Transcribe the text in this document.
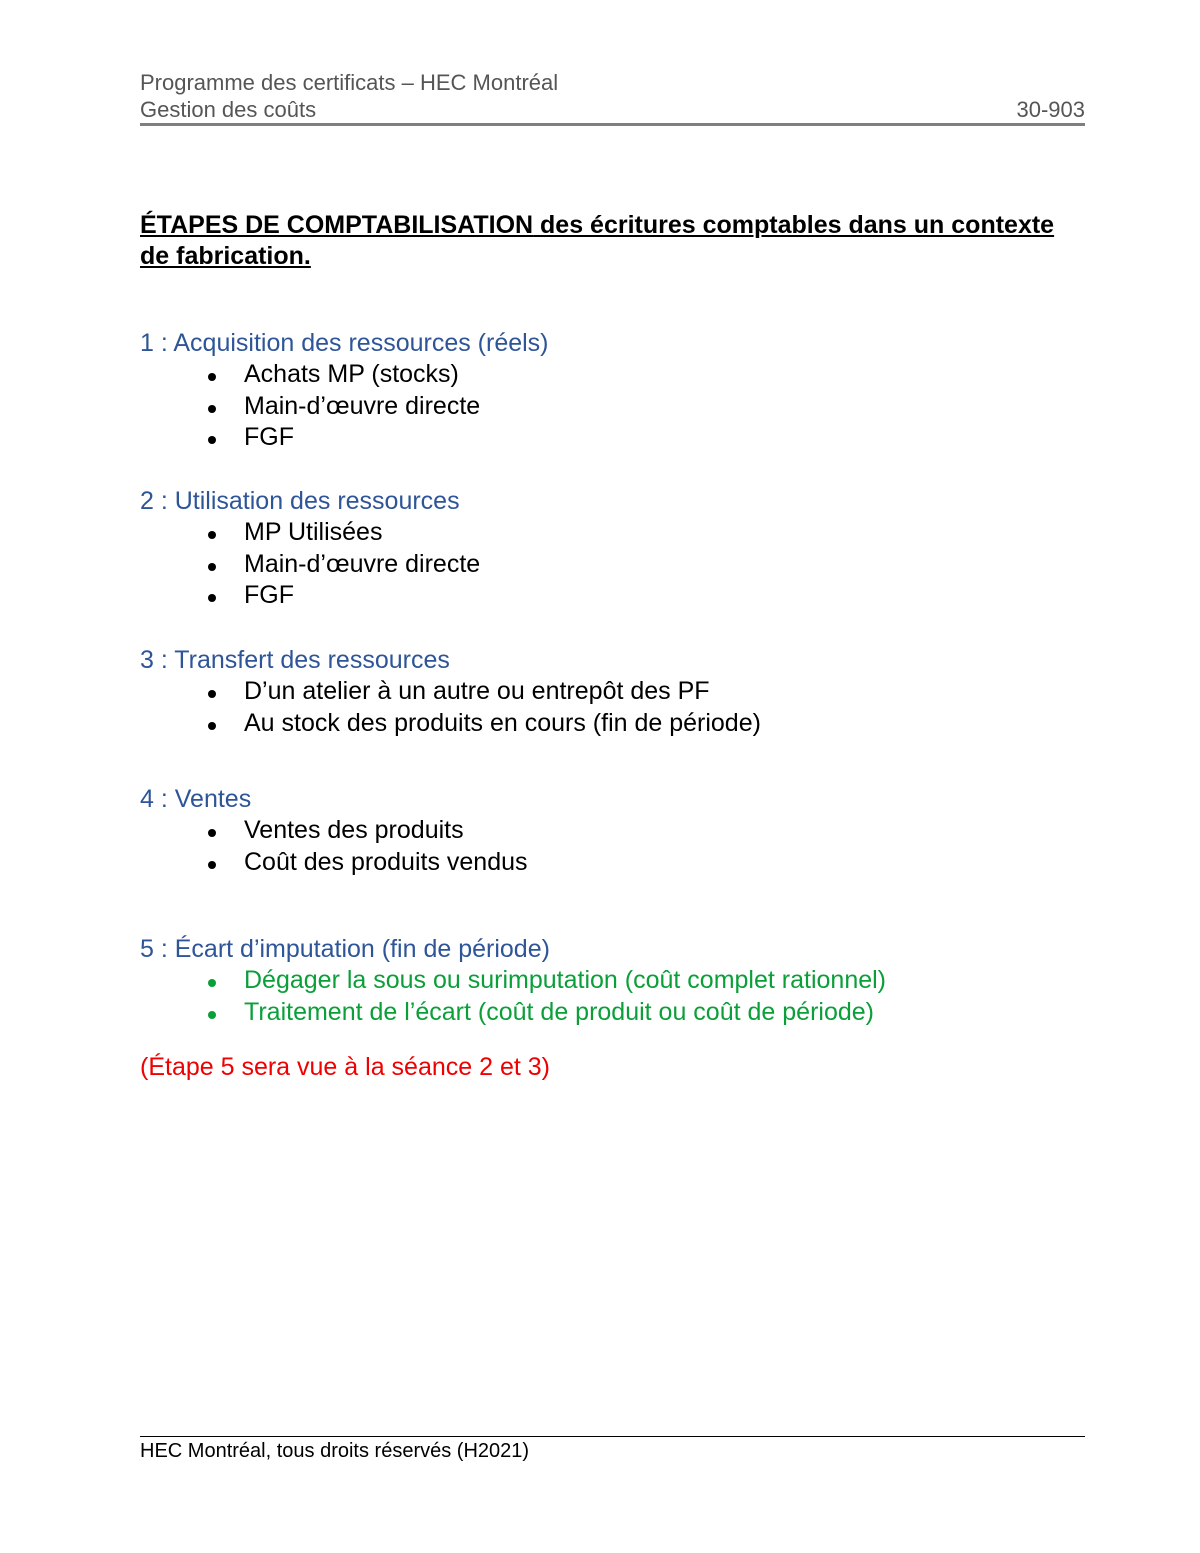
Programme des certificats – HEC Montréal
Gestion des coûts	30-903
ÉTAPES DE COMPTABILISATION des écritures comptables dans un contexte de fabrication.
1 : Acquisition des ressources (réels)
Achats MP (stocks)
Main-d’œuvre directe
FGF
2 : Utilisation des ressources
MP Utilisées
Main-d’œuvre directe
FGF
3 : Transfert des ressources
D’un atelier à un autre ou entrepôt des PF
Au stock des produits en cours (fin de période)
4 : Ventes
Ventes des produits
Coût des produits vendus
5 : Écart d’imputation (fin de période)
Dégager la sous ou surimputation (coût complet rationnel)
Traitement de l’écart (coût de produit ou coût de période)
(Étape 5 sera vue à la séance 2 et 3)
HEC Montréal, tous droits réservés (H2021)
